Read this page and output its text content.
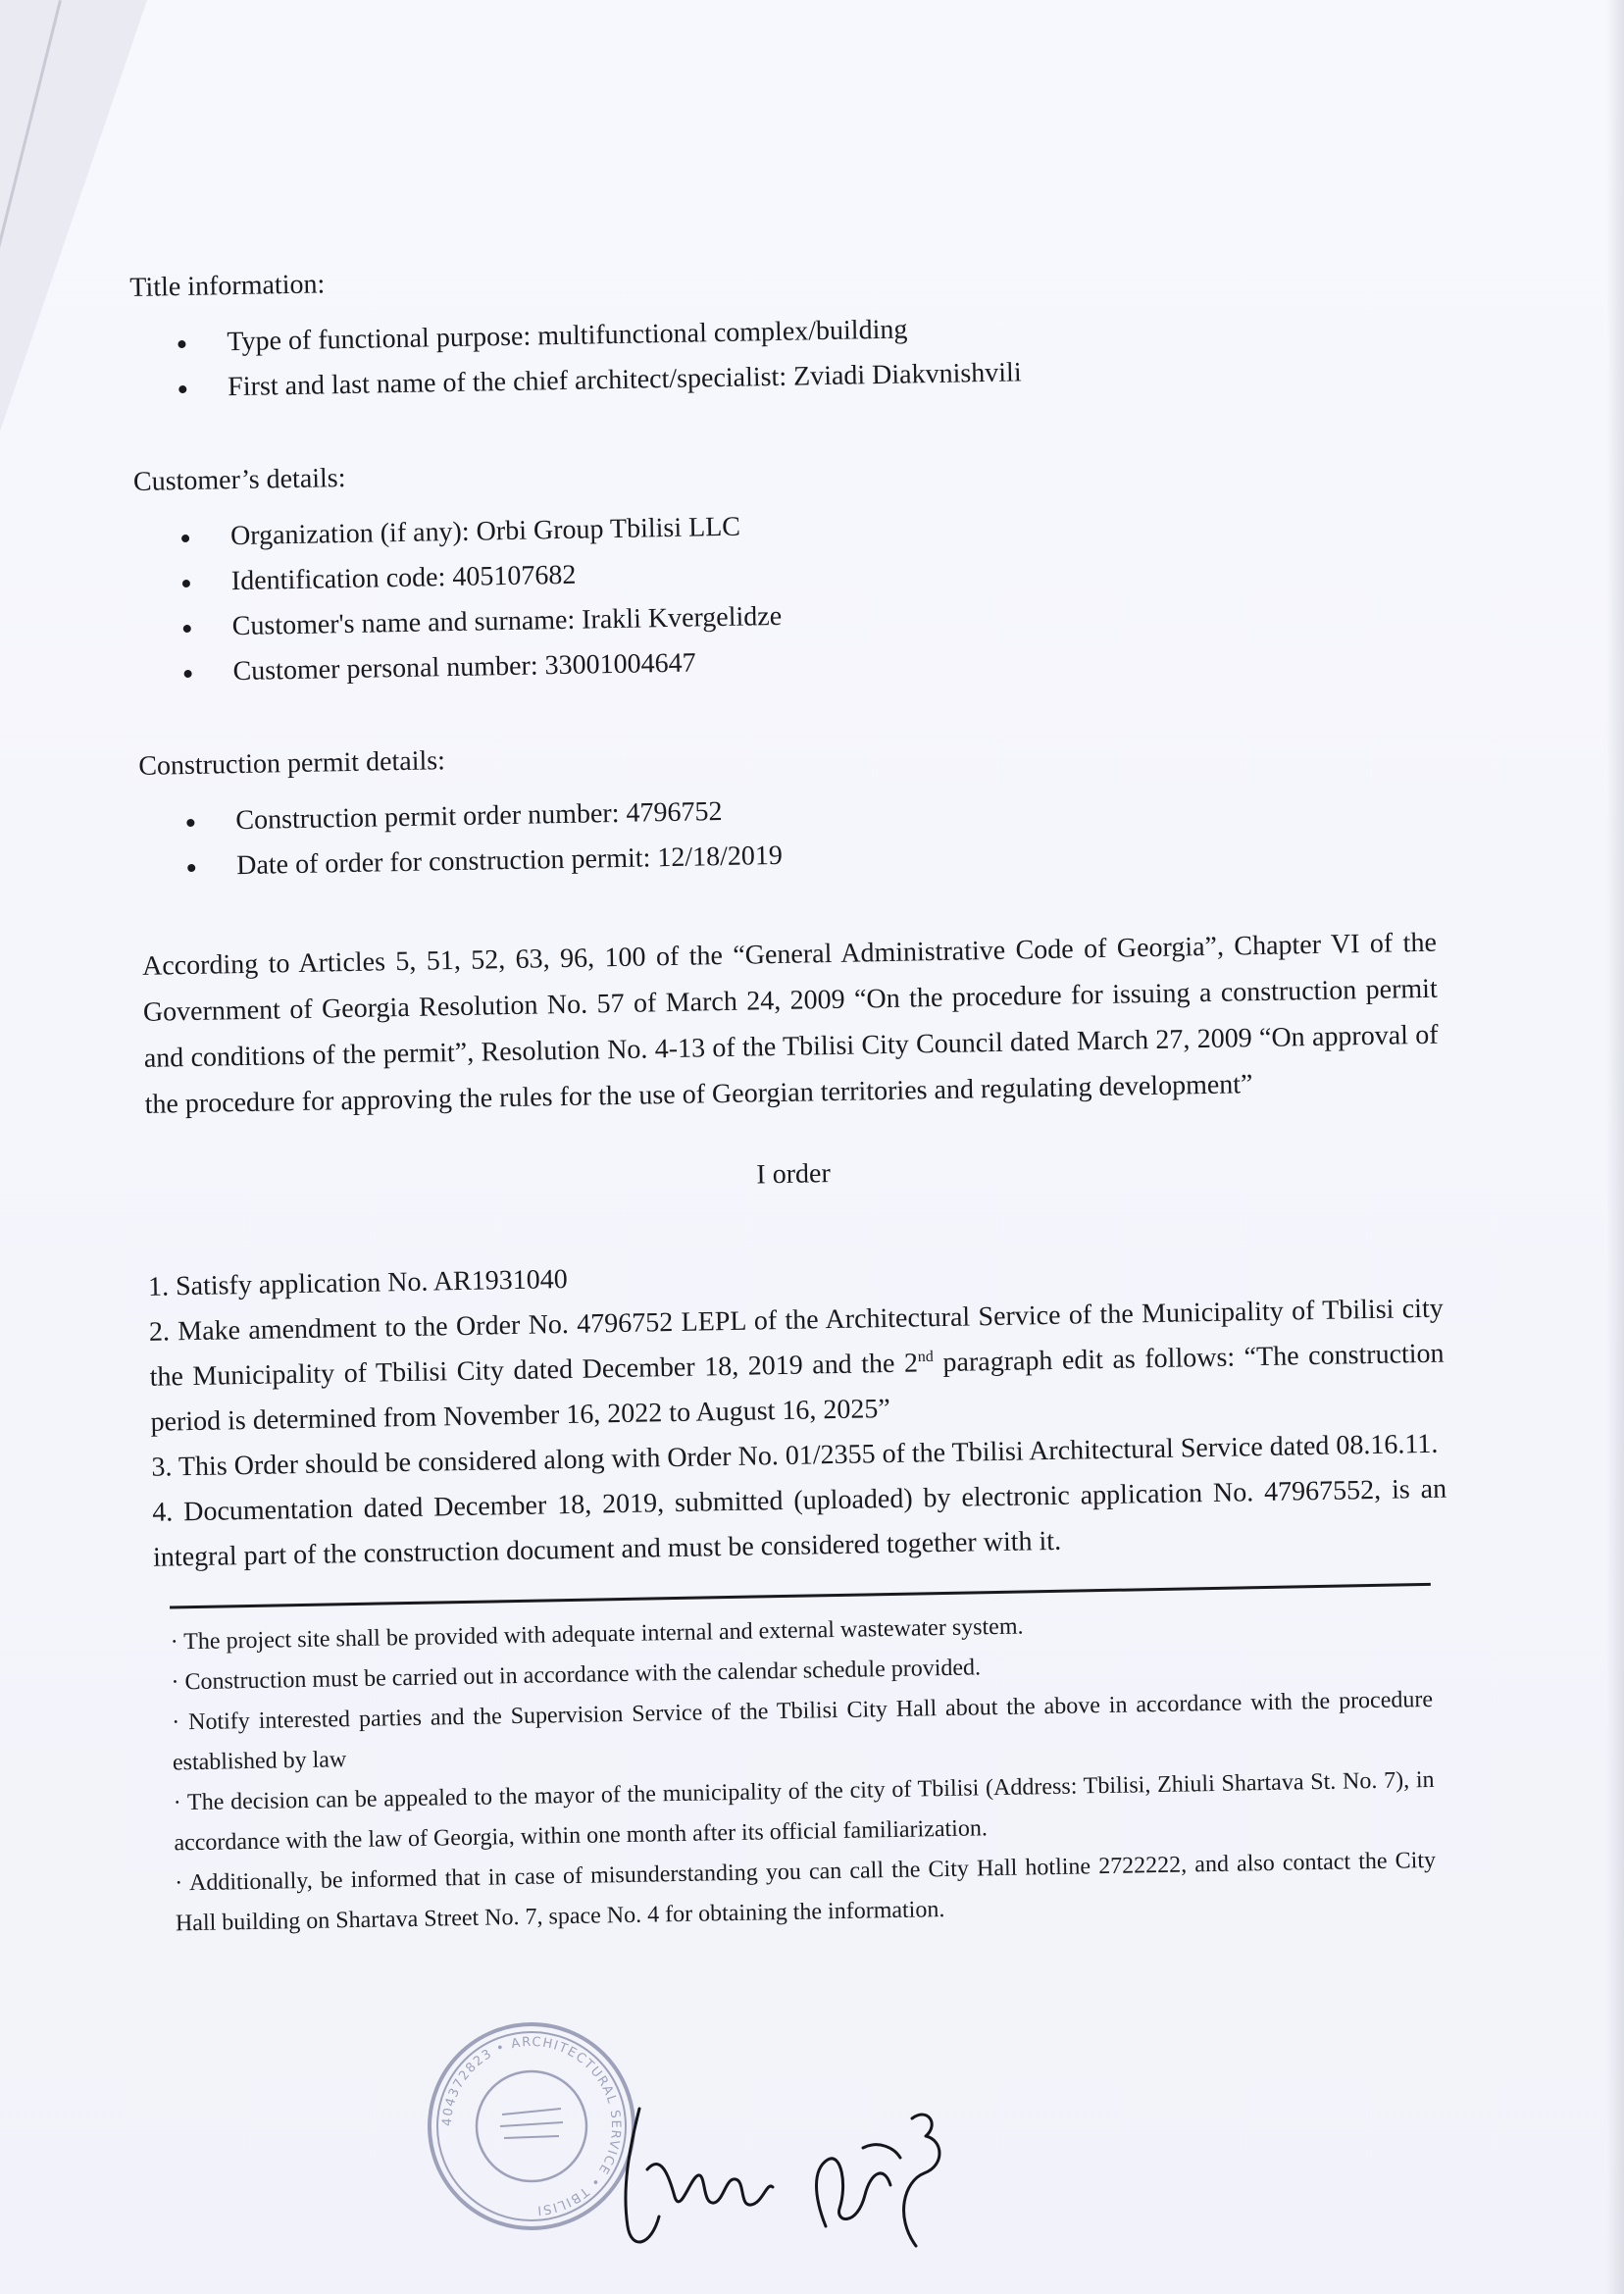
Title information:

Type of functional purpose: multifunctional complex/building
First and last name of the chief architect/specialist: Zviadi Diakvnishvili

Customer’s details:

Organization (if any): Orbi Group Tbilisi LLC
Identification code: 405107682
Customer's name and surname: Irakli Kvergelidze
Customer personal number: 33001004647

Construction permit details:

Construction permit order number: 4796752
Date of order for construction permit: 12/18/2019

According to Articles 5, 51, 52, 63, 96, 100 of the “General Administrative Code of Georgia”, Chapter VI of the Government of Georgia Resolution No. 57 of March 24, 2009 “On the procedure for issuing a construction permit and conditions of the permit”, Resolution No. 4-13 of the Tbilisi City Council dated March 27, 2009 “On approval of the procedure for approving the rules for the use of Georgian territories and regulating development”

I order

1. Satisfy application No. AR1931040

2. Make amendment to the Order No. 4796752 LEPL of the Architectural Service of the Municipality of Tbilisi city the Municipality of Tbilisi City dated December 18, 2019 and the 2nd paragraph edit as follows: “The construction period is determined from November 16, 2022 to August 16, 2025”

3. This Order should be considered along with Order No. 01/2355 of the Tbilisi Architectural Service dated 08.16.11.

4. Documentation dated December 18, 2019, submitted (uploaded) by electronic application No. 47967552, is an integral part of the construction document and must be considered together with it.

· The project site shall be provided with adequate internal and external wastewater system.

· Construction must be carried out in accordance with the calendar schedule provided.

· Notify interested parties and the Supervision Service of the Tbilisi City Hall about the above in accordance with the procedure established by law

· The decision can be appealed to the mayor of the municipality of the city of Tbilisi (Address: Tbilisi, Zhiuli Shartava St. No. 7), in accordance with the law of Georgia, within one month after its official familiarization.

· Additionally, be informed that in case of misunderstanding you can call the City Hall hotline 2722222, and also contact the City Hall building on Shartava Street No. 7, space No. 4 for obtaining the information.

404372823 • ARCHITECTURAL SERVICE • TBILISI
